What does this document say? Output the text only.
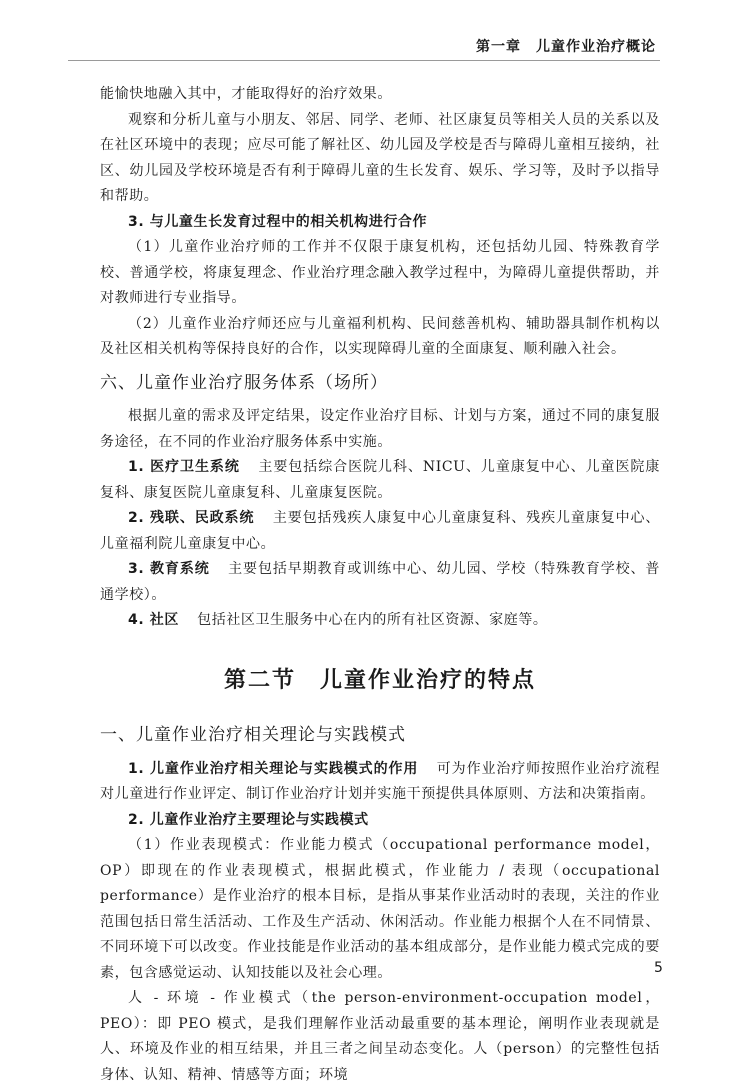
第一章　儿童作业治疗概论

能愉快地融入其中，才能取得好的治疗效果。

观察和分析儿童与小朋友、邻居、同学、老师、社区康复员等相关人员的关系以及在社区环境中的表现；应尽可能了解社区、幼儿园及学校是否与障碍儿童相互接纳，社区、幼儿园及学校环境是否有利于障碍儿童的生长发育、娱乐、学习等，及时予以指导和帮助。

3. 与儿童生长发育过程中的相关机构进行合作

（1）儿童作业治疗师的工作并不仅限于康复机构，还包括幼儿园、特殊教育学校、普通学校，将康复理念、作业治疗理念融入教学过程中，为障碍儿童提供帮助，并对教师进行专业指导。

（2）儿童作业治疗师还应与儿童福利机构、民间慈善机构、辅助器具制作机构以及社区相关机构等保持良好的合作，以实现障碍儿童的全面康复、顺利融入社会。

六、儿童作业治疗服务体系（场所）

根据儿童的需求及评定结果，设定作业治疗目标、计划与方案，通过不同的康复服务途径，在不同的作业治疗服务体系中实施。

1. 医疗卫生系统 主要包括综合医院儿科、NICU、儿童康复中心、儿童医院康复科、康复医院儿童康复科、儿童康复医院。

2. 残联、民政系统 主要包括残疾人康复中心儿童康复科、残疾儿童康复中心、儿童福利院儿童康复中心。

3. 教育系统 主要包括早期教育或训练中心、幼儿园、学校（特殊教育学校、普通学校）。

4. 社区 包括社区卫生服务中心在内的所有社区资源、家庭等。

第二节　儿童作业治疗的特点
一、儿童作业治疗相关理论与实践模式

1. 儿童作业治疗相关理论与实践模式的作用 可为作业治疗师按照作业治疗流程对儿童进行作业评定、制订作业治疗计划并实施干预提供具体原则、方法和决策指南。

2. 儿童作业治疗主要理论与实践模式

（1）作业表现模式：作业能力模式（occupational performance model，OP）即现在的作业表现模式，根据此模式，作业能力 / 表现（occupational performance）是作业治疗的根本目标，是指从事某作业活动时的表现，关注的作业范围包括日常生活活动、工作及生产活动、休闲活动。作业能力根据个人在不同情景、不同环境下可以改变。作业技能是作业活动的基本组成部分，是作业能力模式完成的要素，包含感觉运动、认知技能以及社会心理。

人 - 环境 - 作业模式（the person-environment-occupation model，PEO）：即 PEO 模式，是我们理解作业活动最重要的基本理论，阐明作业表现就是人、环境及作业的相互结果，并且三者之间呈动态变化。人（person）的完整性包括身体、认知、精神、情感等方面；环境

5
